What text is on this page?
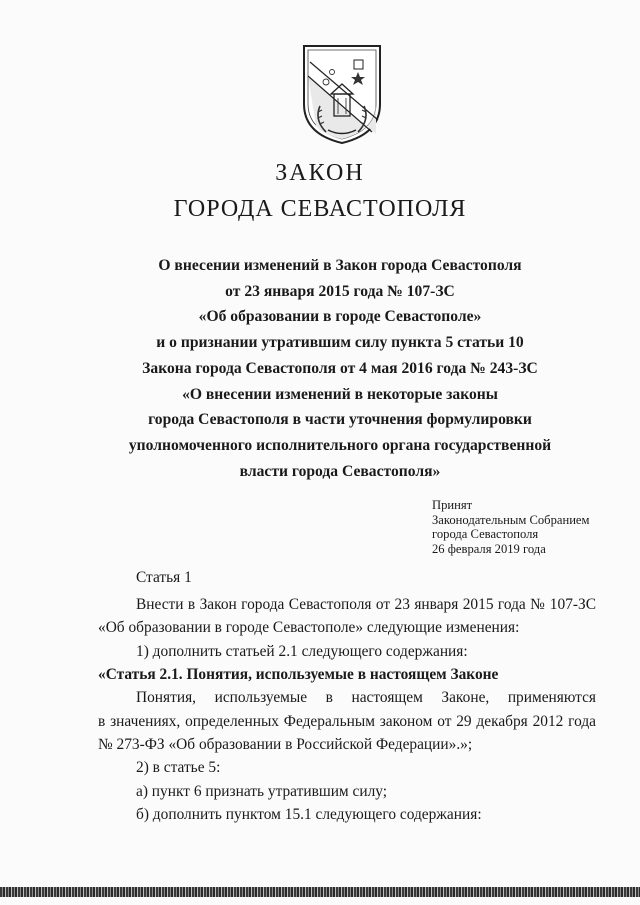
ЗАКОН
ГОРОДА СЕВАСТОПОЛЯ
О внесении изменений в Закон города Севастополя
от 23 января 2015 года № 107-ЗС
«Об образовании в городе Севастополе»
и о признании утратившим силу пункта 5 статьи 10
Закона города Севастополя от 4 мая 2016 года № 243-ЗС
«О внесении изменений в некоторые законы
города Севастополя в части уточнения формулировки
уполномоченного исполнительного органа государственной
власти города Севастополя»
Принят
Законодательным Собранием
города Севастополя
26 февраля 2019 года
Статья 1
Внести в Закон города Севастополя от 23 января 2015 года № 107-ЗС
«Об образовании в городе Севастополе» следующие изменения:
1) дополнить статьей 2.1 следующего содержания:
«Статья 2.1. Понятия, используемые в настоящем Законе
Понятия, используемые в настоящем Законе, применяются
в значениях, определенных Федеральным законом от 29 декабря 2012 года
№ 273-ФЗ «Об образовании в Российской Федерации».»;
2) в статье 5:
а) пункт 6 признать утратившим силу;
б) дополнить пунктом 15.1 следующего содержания:
